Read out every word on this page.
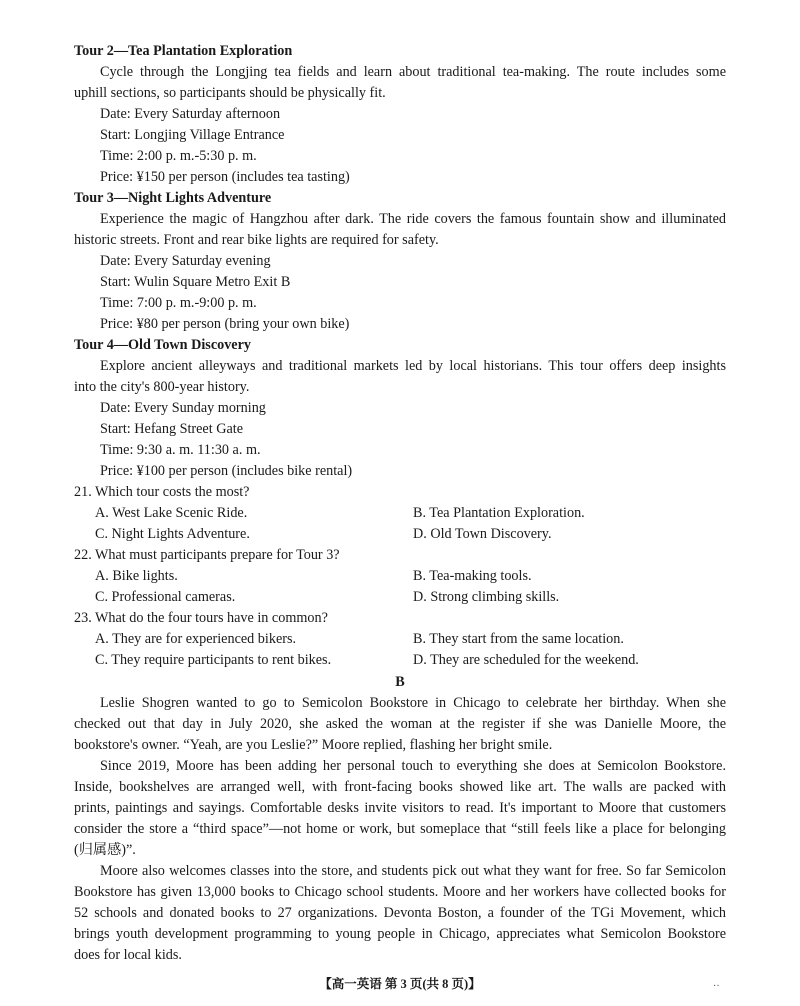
Tour 2—Tea Plantation Exploration
Cycle through the Longjing tea fields and learn about traditional tea-making. The route includes some
uphill sections, so participants should be physically fit.
Date: Every Saturday afternoon
Start: Longjing Village Entrance
Time: 2:00 p. m.-5:30 p. m.
Price: ¥150 per person (includes tea tasting)
Tour 3—Night Lights Adventure
Experience the magic of Hangzhou after dark. The ride covers the famous fountain show and illuminated
historic streets. Front and rear bike lights are required for safety.
Date: Every Saturday evening
Start: Wulin Square Metro Exit B
Time: 7:00 p. m.-9:00 p. m.
Price: ¥80 per person (bring your own bike)
Tour 4—Old Town Discovery
Explore ancient alleyways and traditional markets led by local historians. This tour offers deep insights
into the city's 800-year history.
Date: Every Sunday morning
Start: Hefang Street Gate
Time: 9:30 a. m. 11:30 a. m.
Price: ¥100 per person (includes bike rental)
21. Which tour costs the most?
A. West Lake Scenic Ride.	B. Tea Plantation Exploration.
C. Night Lights Adventure.	D. Old Town Discovery.
22. What must participants prepare for Tour 3?
A. Bike lights.	B. Tea-making tools.
C. Professional cameras.	D. Strong climbing skills.
23. What do the four tours have in common?
A. They are for experienced bikers.	B. They start from the same location.
C. They require participants to rent bikes.	D. They are scheduled for the weekend.
B
Leslie Shogren wanted to go to Semicolon Bookstore in Chicago to celebrate her birthday. When she
checked out that day in July 2020, she asked the woman at the register if she was Danielle Moore, the
bookstore's owner. “Yeah, are you Leslie?” Moore replied, flashing her bright smile.
Since 2019, Moore has been adding her personal touch to everything she does at Semicolon Bookstore.
Inside, bookshelves are arranged well, with front-facing books showed like art. The walls are packed with
prints, paintings and sayings. Comfortable desks invite visitors to read. It's important to Moore that customers
consider the store a “third space”—not home or work, but someplace that “still feels like a place for belonging
(归属感)”.
Moore also welcomes classes into the store, and students pick out what they want for free. So far Semicolon
Bookstore has given 13,000 books to Chicago school students. Moore and her workers have collected books for
52 schools and donated books to 27 organizations. Devonta Boston, a founder of the TGi Movement, which
brings youth development programming to young people in Chicago, appreciates what Semicolon Bookstore
does for local kids.
【高一英语 第 3 页(共 8 页)】	··
